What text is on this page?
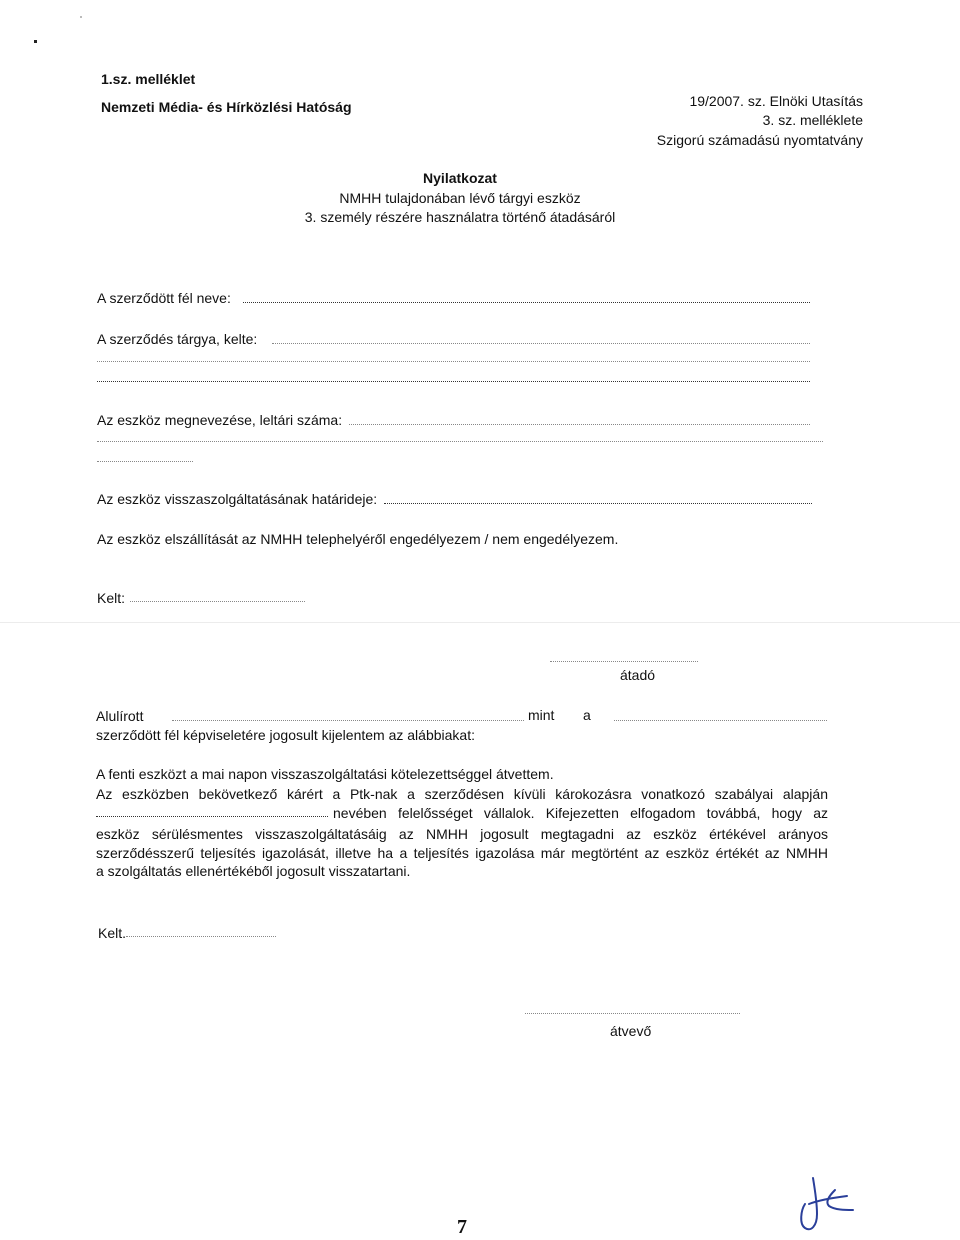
1.sz. melléklet
Nemzeti Média- és Hírközlési Hatóság	19/2007. sz. Elnöki Utasítás
3. sz. melléklete
Szigorú számadású nyomtatvány
Nyilatkozat
NMHH tulajdonában lévő tárgyi eszköz
3. személy részére használatra történő átadásáról
A szerződött fél neve:
A szerződés tárgya, kelte:
Az eszköz megnevezése, leltári száma:
Az eszköz visszaszolgáltatásának határideje:
Az eszköz elszállítását az NMHH telephelyéről engedélyezem / nem engedélyezem.
Kelt:
átadó
Alulírott	mint a
szerződött fél képviseletére jogosult kijelentem az alábbiakat:
A fenti eszközt a mai napon visszaszolgáltatási kötelezettséggel átvettem.
Az eszközben bekövetkező kárért a Ptk-nak a szerződésen kívüli károkozásra vonatkozó szabályai alapján
nevében felelősséget vállalok. Kifejezetten elfogadom továbbá, hogy az
eszköz sérülésmentes visszaszolgáltatásáig az NMHH jogosult megtagadni az eszköz értékével arányos
szerződésszerű teljesítés igazolását, illetve ha a teljesítés igazolása már megtörtént az eszköz értékét az NMHH
a szolgáltatás ellenértékéből jogosult visszatartani.
Kelt.
átvevő
7
